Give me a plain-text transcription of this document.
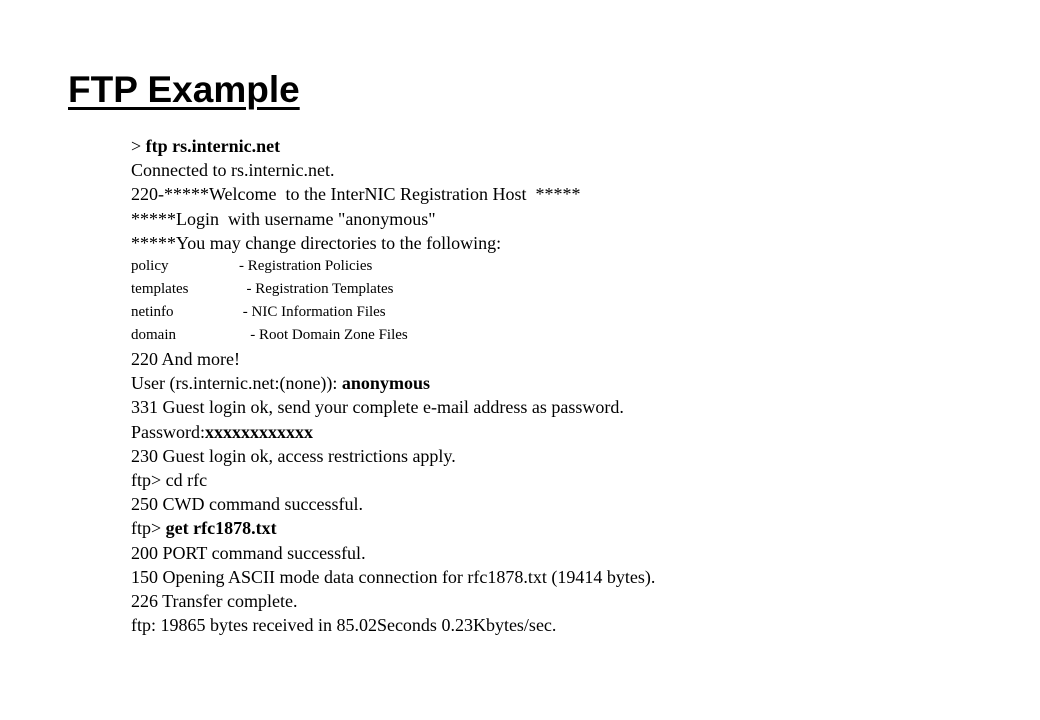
FTP Example
> ftp rs.internic.net
Connected to rs.internic.net.
220-*****Welcome  to the InterNIC Registration Host  *****
*****Login  with username "anonymous"
*****You may change directories to the following:
policy	- Registration Policies
templates	- Registration Templates
netinfo	- NIC Information Files
domain	- Root Domain Zone Files
220 And more!
User (rs.internic.net:(none)): anonymous
331 Guest login ok, send your complete e-mail address as password.
Password:xxxxxxxxxxxx
230 Guest login ok, access restrictions apply.
ftp> cd rfc
250 CWD command successful.
ftp> get rfc1878.txt
200 PORT command successful.
150 Opening ASCII mode data connection for rfc1878.txt (19414 bytes).
226 Transfer complete.
ftp: 19865 bytes received in 85.02Seconds 0.23Kbytes/sec.
